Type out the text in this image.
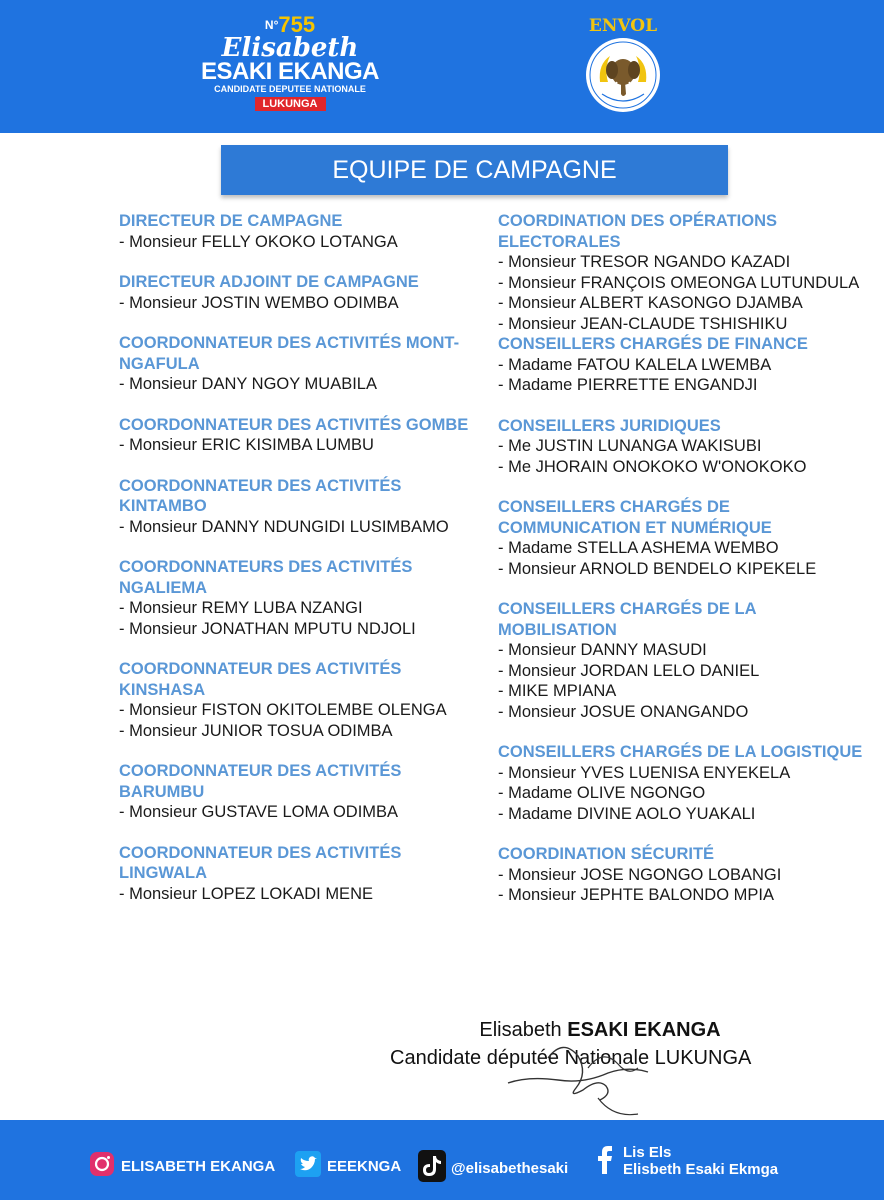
$^{N^\circ}$755
Elisabeth
ESAKI EKANGA
CANDIDATE DEPUTEE NATIONALE
LUKUNGA
ENVOL
EQUIPE DE CAMPAGNE
DIRECTEUR DE CAMPAGNE
- Monsieur FELLY OKOKO LOTANGA
DIRECTEUR ADJOINT DE CAMPAGNE
- Monsieur JOSTIN WEMBO ODIMBA
COORDONNATEUR DES ACTIVITÉS MONT-NGAFULA
- Monsieur DANY NGOY MUABILA
COORDONNATEUR DES ACTIVITÉS GOMBE
- Monsieur ERIC KISIMBA LUMBU
COORDONNATEUR DES ACTIVITÉS KINTAMBO
- Monsieur DANNY NDUNGIDI LUSIMBAMO
COORDONNATEURS DES ACTIVITÉS NGALIEMA
- Monsieur REMY LUBA NZANGI
- Monsieur JONATHAN MPUTU NDJOLI
COORDONNATEUR DES ACTIVITÉS KINSHASA
- Monsieur FISTON OKITOLEMBE OLENGA
- Monsieur JUNIOR TOSUA ODIMBA
COORDONNATEUR DES ACTIVITÉS BARUMBU
- Monsieur GUSTAVE LOMA ODIMBA
COORDONNATEUR DES ACTIVITÉS LINGWALA
- Monsieur LOPEZ LOKADI MENE
COORDINATION DES OPÉRATIONS ELECTORALES
- Monsieur TRESOR NGANDO KAZADI
- Monsieur FRANÇOIS OMEONGA LUTUNDULA
- Monsieur ALBERT KASONGO DJAMBA
- Monsieur JEAN-CLAUDE TSHISHIKU
CONSEILLERS CHARGÉS DE FINANCE
- Madame FATOU KALELA LWEMBA
- Madame PIERRETTE ENGANDJI
CONSEILLERS JURIDIQUES
- Me JUSTIN LUNANGA WAKISUBI
- Me JHORAIN ONOKOKO W'ONOKOKO
CONSEILLERS CHARGÉS DE COMMUNICATION ET NUMÉRIQUE
- Madame STELLA ASHEMA WEMBO
- Monsieur ARNOLD BENDELO KIPEKELE
CONSEILLERS CHARGÉS DE LA MOBILISATION
- Monsieur DANNY MASUDI
- Monsieur JORDAN LELO DANIEL
- MIKE MPIANA
- Monsieur JOSUE ONANGANDO
CONSEILLERS CHARGÉS DE LA LOGISTIQUE
- Monsieur YVES LUENISA ENYEKELA
- Madame OLIVE NGONGO
- Madame DIVINE AOLO YUAKALI
COORDINATION SÉCURITÉ
- Monsieur JOSE NGONGO LOBANGI
- Monsieur JEPHTE BALONDO MPIA
Elisabeth ESAKI EKANGA
Candidate députée Nationale LUKUNGA
ELISABETH EKANGA	EEEKNGA	@elisabethesaki
Lis Els
Elisbeth Esaki Ekmga
